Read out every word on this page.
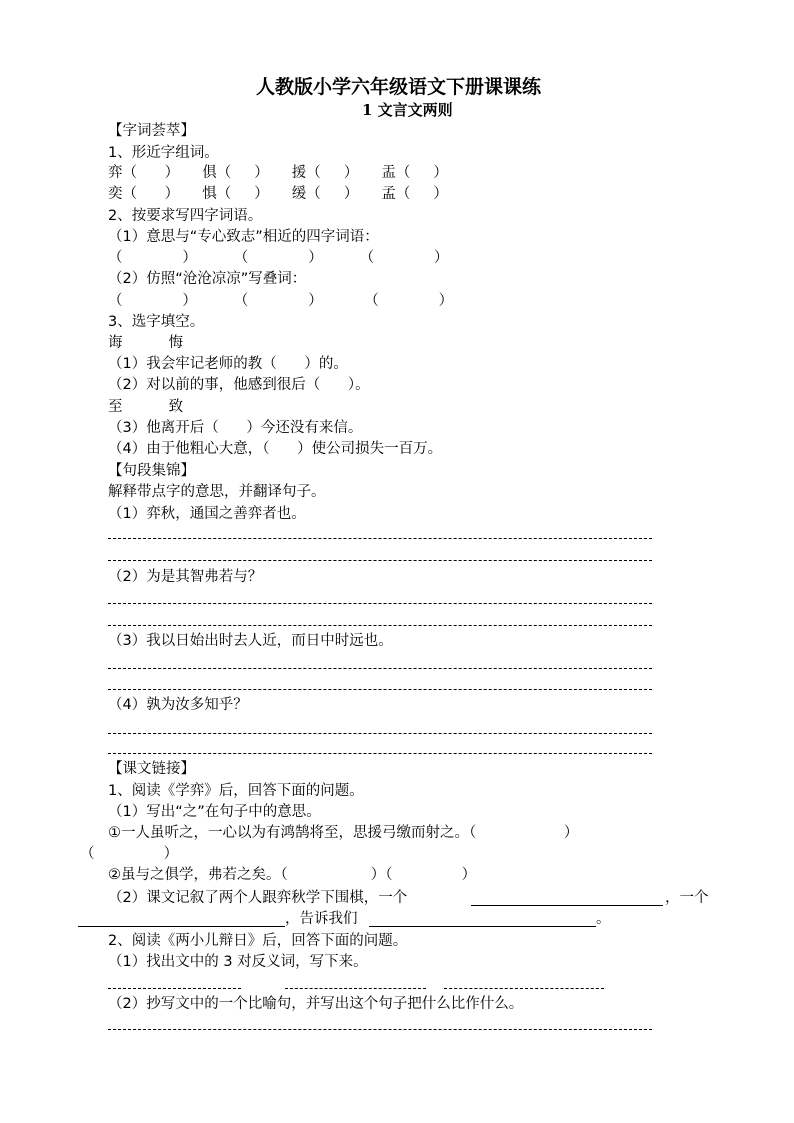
人教版小学六年级语文下册课课练
1 文言文两则
【字词荟萃】
1、形近字组词。
弈（      ）     俱（     ）     援（     ）     盂（     ）
奕（      ）     惧（     ）     缓（     ）     孟（     ）
2、按要求写四字词语。
（1）意思与“专心致志”相近的四字词语：
（             ）        （             ）        （             ）
（2）仿照“沧沧凉凉”写叠词：
（             ）        （             ）         （             ）
3、选字填空。
诲          悔
（1）我会牢记老师的教（      ）的。
（2）对以前的事，他感到很后（      ）。
至          致
（3）他离开后（      ）今还没有来信。
（4）由于他粗心大意，（      ）使公司损失一百万。
【句段集锦】
解释带点字的意思，并翻译句子。
（1）弈秋，通国之善弈者也。
（2）为是其智弗若与？
（3）我以日始出时去人近，而日中时远也。
（4）孰为汝多知乎？
【课文链接】
1、阅读《学弈》后，回答下面的问题。
（1）写出“之”在句子中的意思。
①一人虽听之，一心以为有鸿鹄将至，思援弓缴而射之。（                   ）
（               ）
②虽与之俱学，弗若之矣。（                  ）（               ）
（2）课文记叙了两个人跟弈秋学下围棋，一个	，一个
，告诉我们	。
2、阅读《两小儿辩日》后，回答下面的问题。
（1）找出文中的 3 对反义词，写下来。
（2）抄写文中的一个比喻句，并写出这个句子把什么比作什么。
